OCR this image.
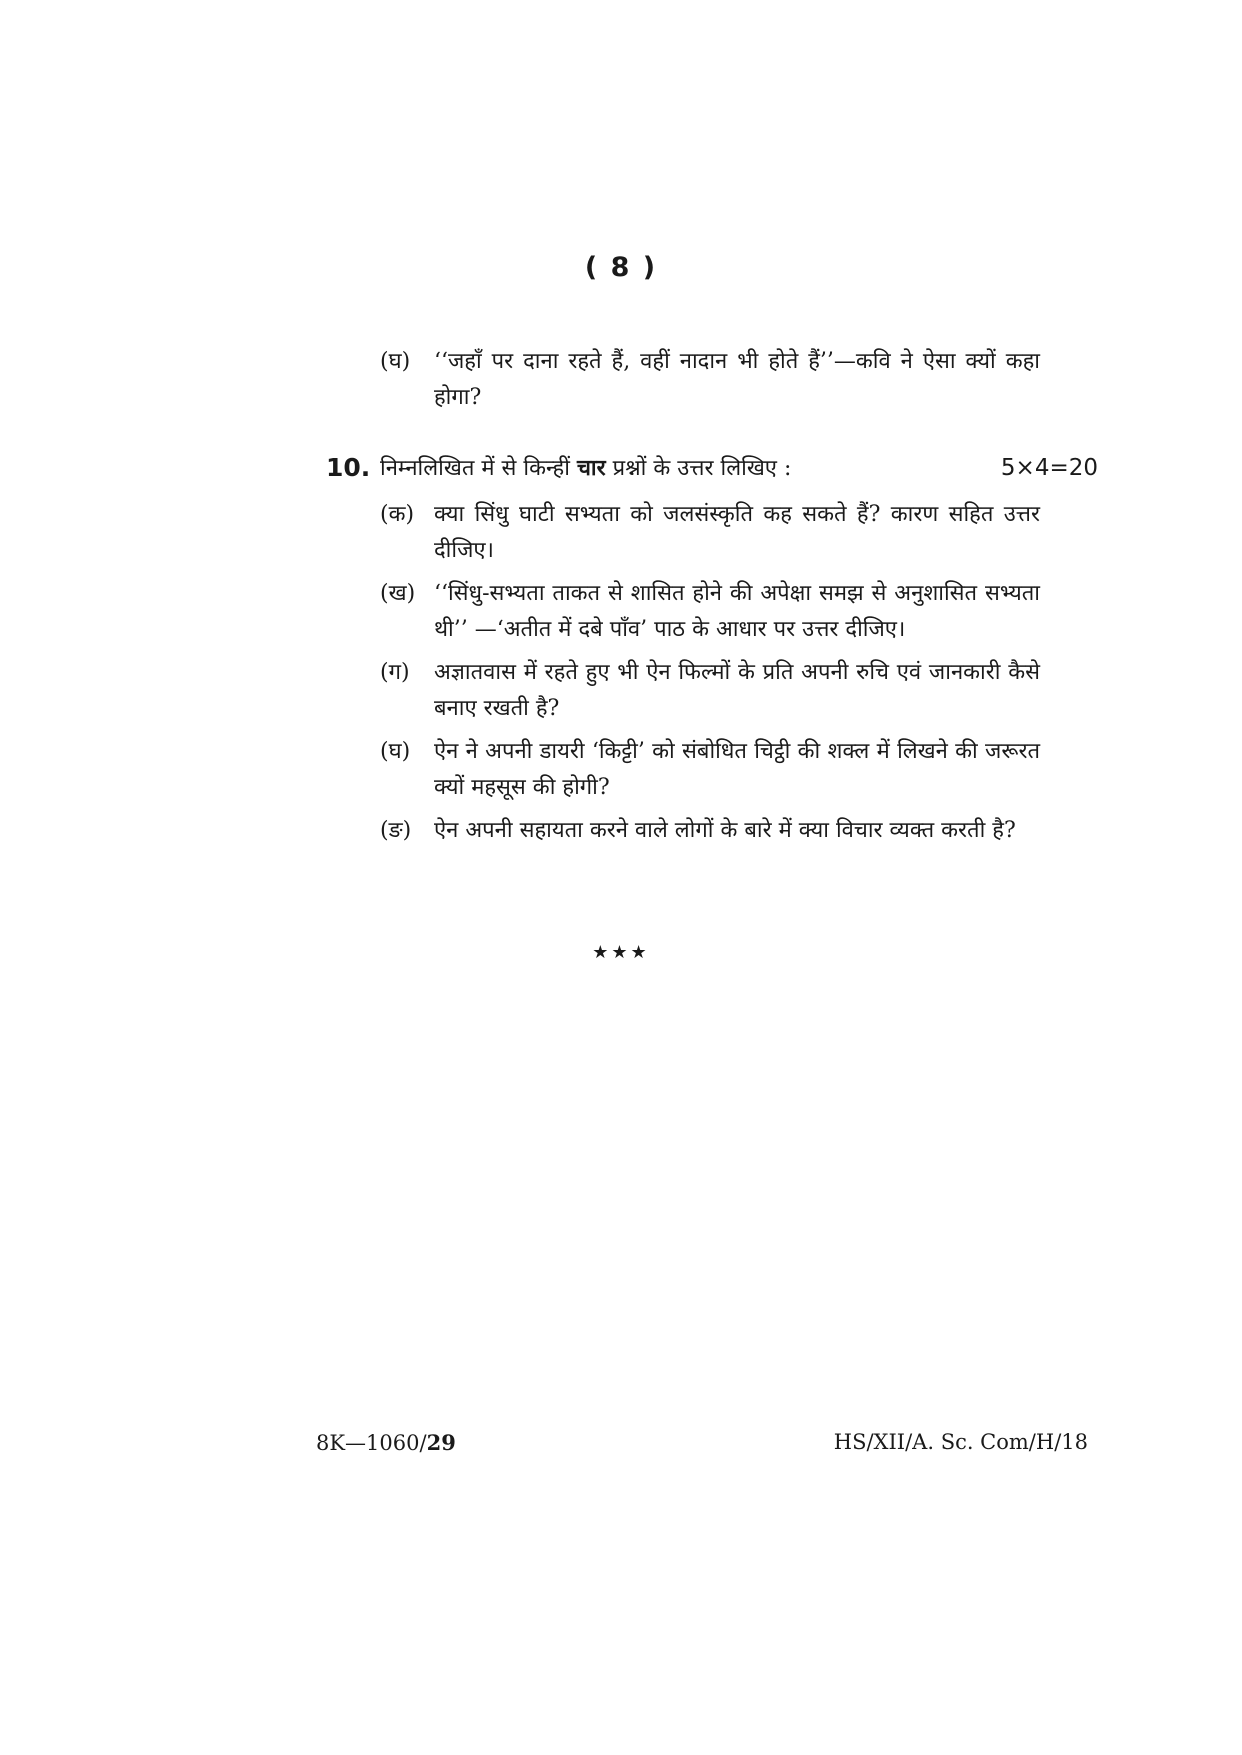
( 8 )
(घ) ‘‘जहाँ पर दाना रहते हैं, वहीं नादान भी होते हैं’’—कवि ने ऐसा क्यों कहा होगा?
10. निम्नलिखित में से किन्हीं चार प्रश्नों के उत्तर लिखिए :	5×4=20
(क) क्या सिंधु घाटी सभ्यता को जलसंस्कृति कह सकते हैं? कारण सहित उत्तर दीजिए।
(ख) ‘‘सिंधु-सभ्यता ताकत से शासित होने की अपेक्षा समझ से अनुशासित सभ्यता थी’’ —‘अतीत में दबे पाँव’ पाठ के आधार पर उत्तर दीजिए।
(ग) अज्ञातवास में रहते हुए भी ऐन फिल्मों के प्रति अपनी रुचि एवं जानकारी कैसे बनाए रखती है?
(घ) ऐन ने अपनी डायरी ‘किट्टी’ को संबोधित चिट्ठी की शक्ल में लिखने की जरूरत क्यों महसूस की होगी?
(ङ) ऐन अपनी सहायता करने वाले लोगों के बारे में क्या विचार व्यक्त करती है?
★★★
8K—1060/29	HS/XII/A. Sc. Com/H/18
